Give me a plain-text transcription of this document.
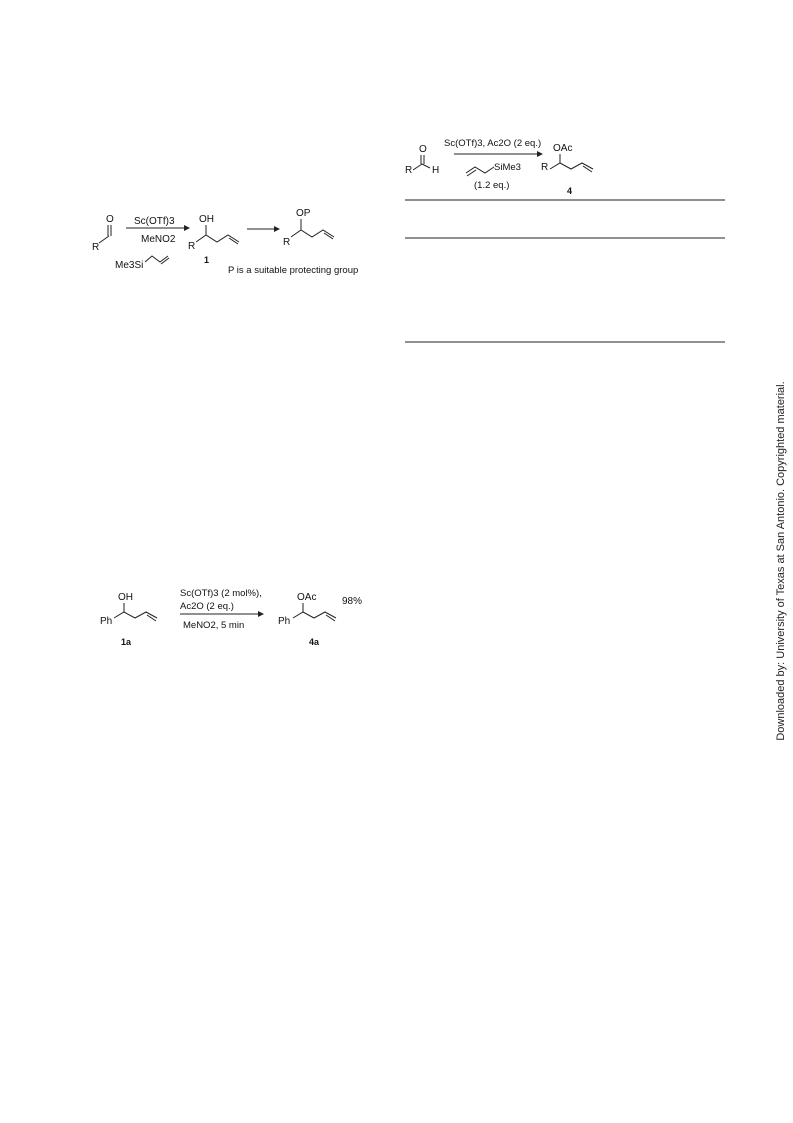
O
R
Me3Si
Sc(OTf)3
MeNO2
OH
R
1
OP
R
P is a suitable protecting group
O
R H
Sc(OTf)3, Ac2O (2 eq.)
SiMe3
(1.2 eq.)
OAc
R
4
OH
Ph
1a
Sc(OTf)3 (2 mol%),
Ac2O (2 eq.)
MeNO2, 5 min
OAc
Ph
4a
98%	Downloaded by: University of Texas at San Antonio. Copyrighted material.
